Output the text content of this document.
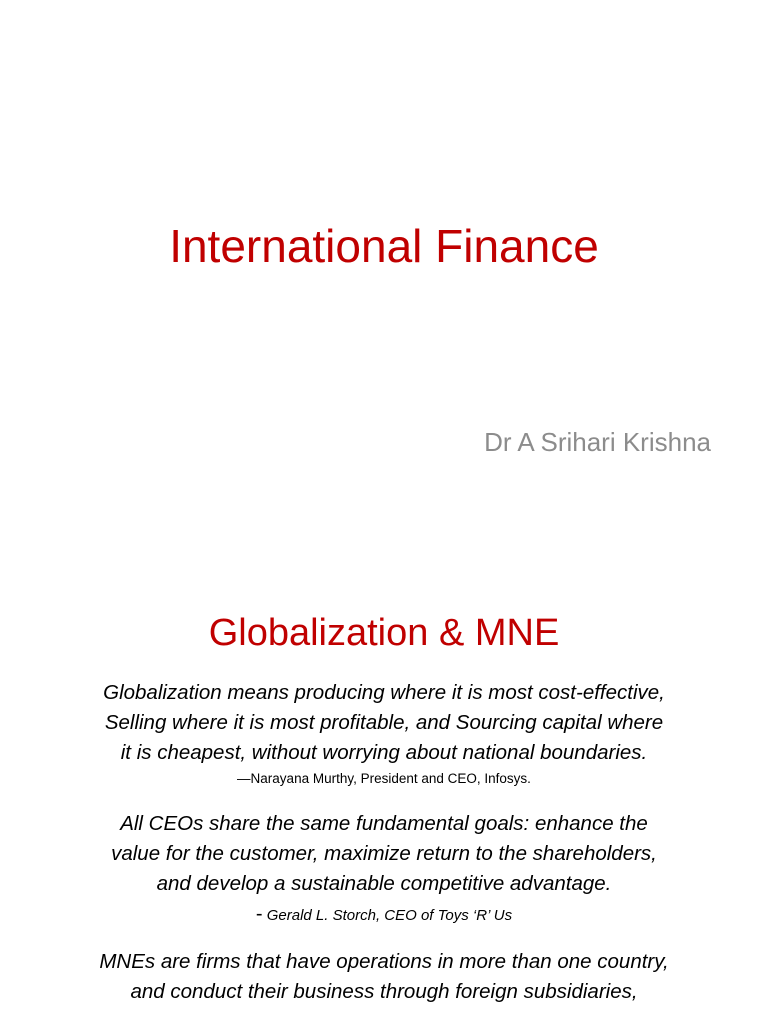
International Finance

Dr A Srihari Krishna

Globalization & MNE

Globalization means producing where it is most cost-effective,

Selling where it is most profitable, and Sourcing capital where

it is cheapest, without worrying about national boundaries.

—Narayana Murthy, President and CEO, Infosys.

All CEOs share the same fundamental goals: enhance the

value for the customer, maximize return to the shareholders,

and develop a sustainable competitive advantage.

- Gerald L. Storch, CEO of Toys ‘R’ Us

MNEs are firms that have operations in more than one country,

and conduct their business through foreign subsidiaries,
